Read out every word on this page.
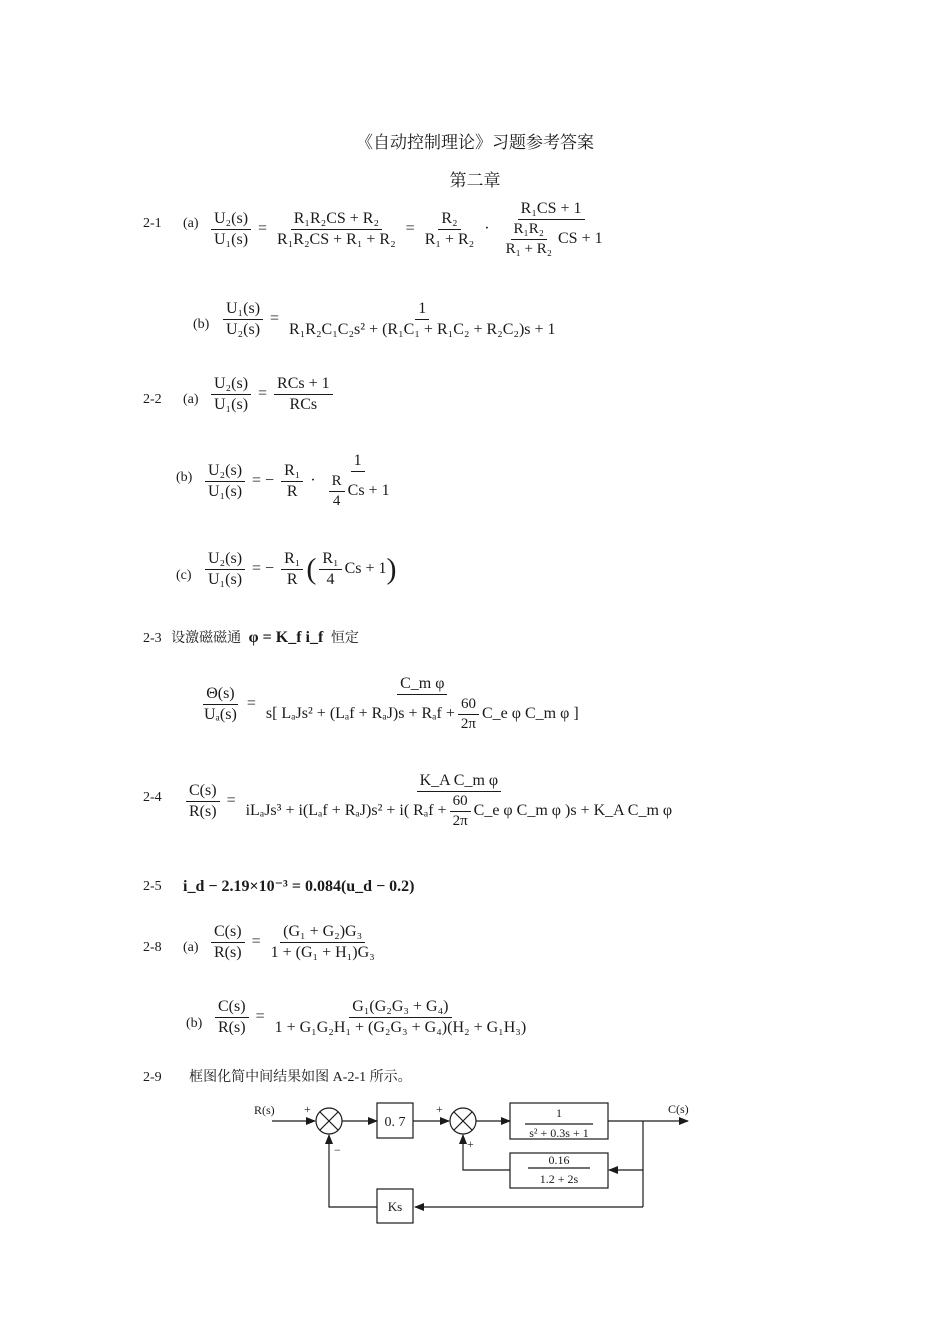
《自动控制理论》习题参考答案
第二章
2-1 $(a) \frac{\text{U₂(s)}}{\text{U₁(s)}} = \frac{\text{R₁R₂CS + R₂}}{\text{R₁R₂CS + R₁ + R₂}} = \frac{\text{R₂}}{\text{R₁ + R₂}} \cdot \frac{\text{R₁CS + 1}}{\frac{\text{R₁R₂}}{\text{R₁ + R₂}} CS + 1}$
$(b) \frac{\text{U₁(s)}}{\text{U₂(s)}} = \frac{1}{\text{R₁R₂C₁C₂s² + (R₁C₁ + R₁C₂ + R₂C₂)s + 1}}$
2-2 $(a) \frac{\text{U₂(s)}}{\text{U₁(s)}} = \frac{\text{RCs + 1}}{\text{RCs}}$
$(b) \frac{\text{U₂(s)}}{\text{U₁(s)}}$ = − $\frac{\text{R₁}}{R} \cdot \frac{1}{\frac{R}{4} Cs + 1}$
$(c) \frac{\text{U₂(s)}}{\text{U₁(s)}}$ = − $\frac{\text{R₁}}{R}$ ( $\frac{\text{R₁}}{4}$ Cs + 1)
2-3 设激磁磁通 φ = K_f i_f 恒定
$\frac{\Theta(s)}{\text{Uₐ(s)}} = \frac{\text{C\_m φ}}{s[ L_aJs^2 + (L_af + R_aJ)s + R_af + \frac{60}{2\pi} C\_e \varphi C\_m \varphi ]}$
$2-4 \frac{C(s)}{R(s)}$ =
K_A C_m φ
iLₐJs³ + i(Lₐf + RₐJ)s² + i( $R_af + \frac{60}{2\pi}$ C_e φ C_m φ )s + K_A C_m φ
2-5 i_d − 2.19×10⁻³ = 0.084(u_d − 0.2)
2-8 $(a) \frac{C(s)}{R(s)} = \frac{\text{(G₁ + G₂)G₃}}{\text{1 + (G₁ + H₁)G₃}}$
$(b) \frac{C(s)}{R(s)} = \frac{\text{G₁(G₂G₃ + G₄)}}{\text{1 + G₁G₂H₁ + (G₂G₃ + G₄)(H₂ + G₁H₃)}}$
2-9 框图化简中间结果如图 A-2-1 所示。
R(s)	C(s)
+
−
+
+
0. 7
1
s² + 0.3s + 1
0.16
1.2 + 2s
Ks
